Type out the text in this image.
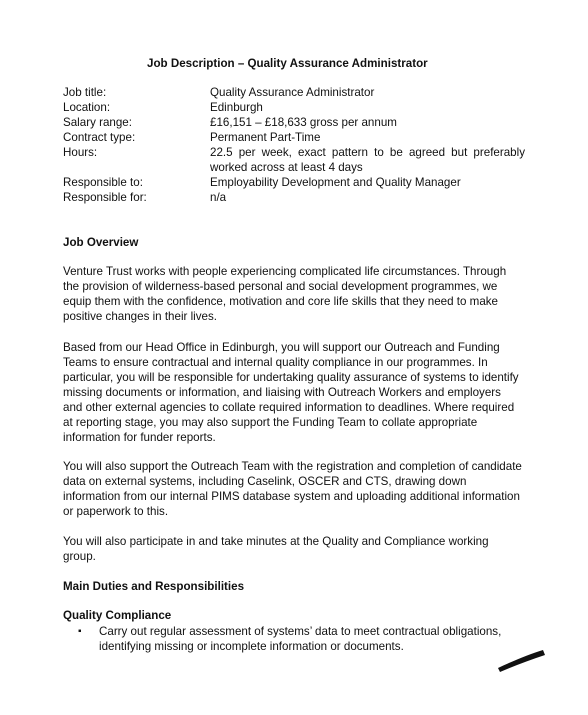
Job Description – Quality Assurance Administrator
Job title:	Quality Assurance Administrator
Location:	Edinburgh
Salary range:	£16,151 – £18,633 gross per annum
Contract type:	Permanent Part-Time
Hours:	22.5 per week, exact pattern to be agreed but preferably worked across at least 4 days
Responsible to:	Employability Development and Quality Manager
Responsible for:	n/a
Job Overview
Venture Trust works with people experiencing complicated life circumstances. Through the provision of wilderness-based personal and social development programmes, we equip them with the confidence, motivation and core life skills that they need to make positive changes in their lives.
Based from our Head Office in Edinburgh, you will support our Outreach and Funding Teams to ensure contractual and internal quality compliance in our programmes. In particular, you will be responsible for undertaking quality assurance of systems to identify missing documents or information, and liaising with Outreach Workers and employers and other external agencies to collate required information to deadlines. Where required at reporting stage, you may also support the Funding Team to collate appropriate information for funder reports.
You will also support the Outreach Team with the registration and completion of candidate data on external systems, including Caselink, OSCER and CTS, drawing down information from our internal PIMS database system and uploading additional information or paperwork to this.
You will also participate in and take minutes at the Quality and Compliance working group.
Main Duties and Responsibilities
Quality Compliance
▪ Carry out regular assessment of systems’ data to meet contractual obligations, identifying missing or incomplete information or documents.
